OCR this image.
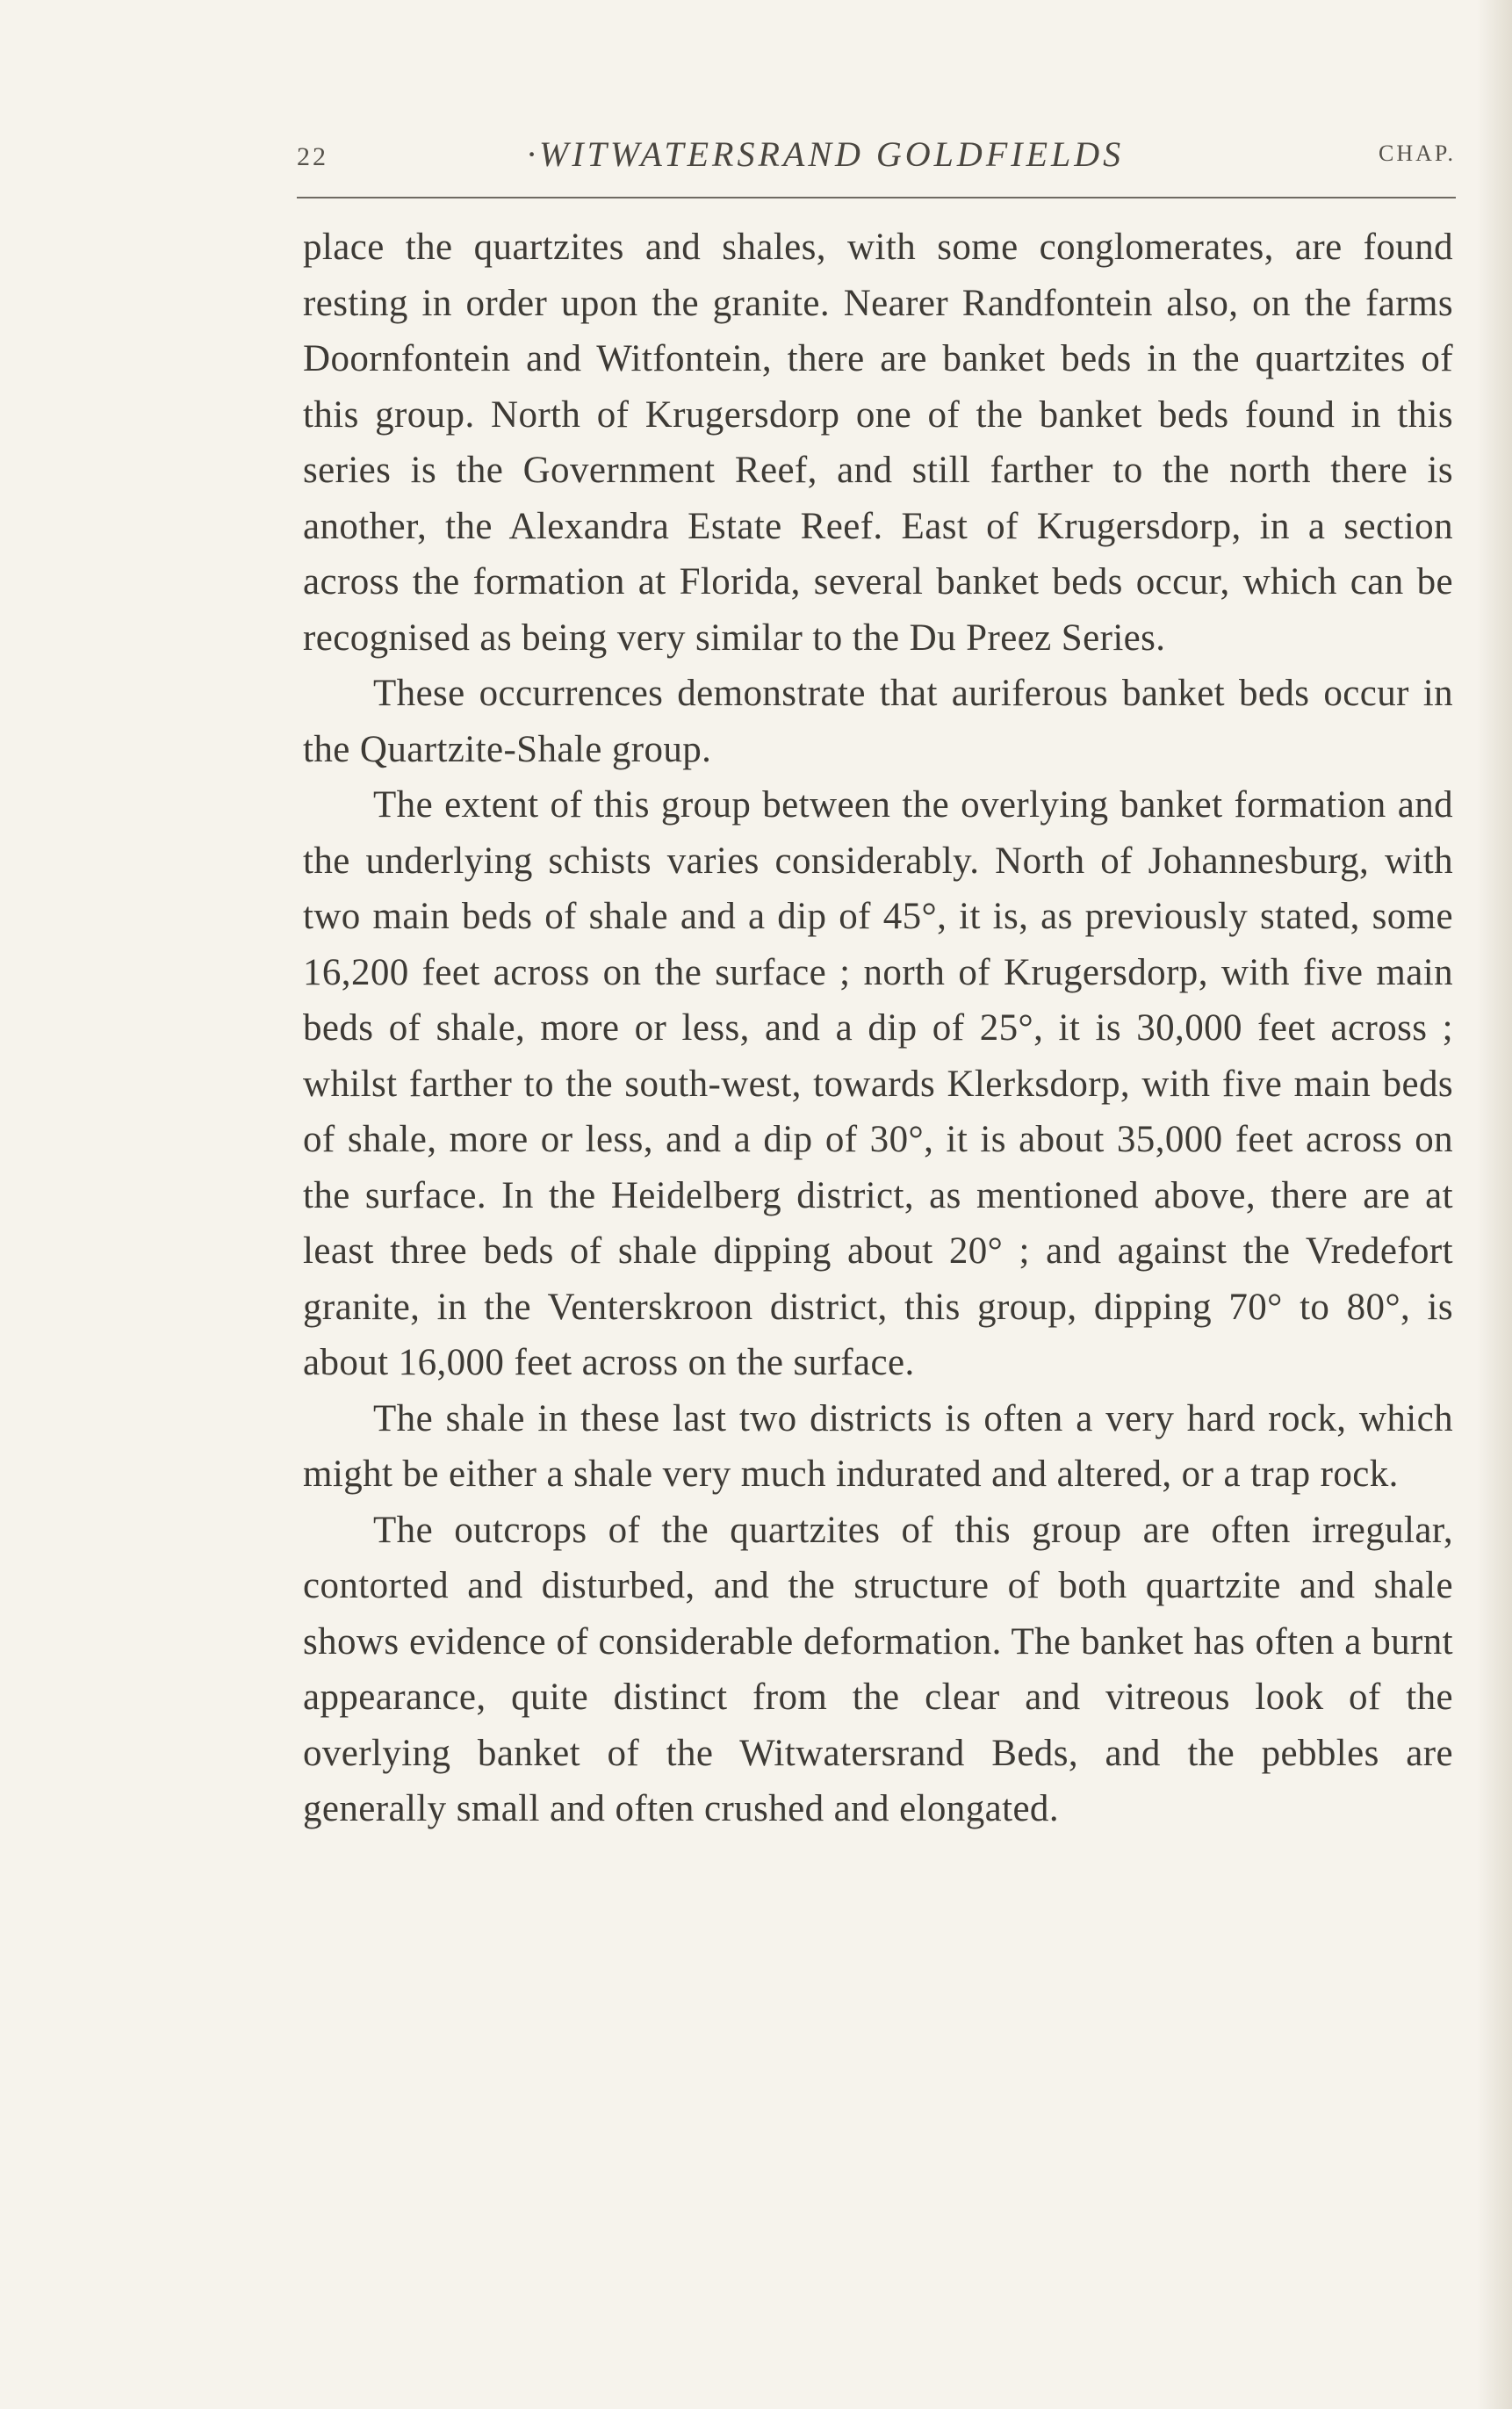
22	·WITWATERSRAND GOLDFIELDS	CHAP.

place the quartzites and shales, with some conglomerates, are found resting in order upon the granite. Nearer Randfontein also, on the farms Doornfontein and Witfontein, there are banket beds in the quartzites of this group. North of Krugersdorp one of the banket beds found in this series is the Government Reef, and still farther to the north there is another, the Alexandra Estate Reef. East of Krugersdorp, in a section across the formation at Florida, several banket beds occur, which can be recognised as being very similar to the Du Preez Series.

These occurrences demonstrate that auriferous banket beds occur in the Quartzite-Shale group.

The extent of this group between the overlying banket formation and the underlying schists varies considerably. North of Johannesburg, with two main beds of shale and a dip of 45°, it is, as previously stated, some 16,200 feet across on the surface ; north of Krugersdorp, with five main beds of shale, more or less, and a dip of 25°, it is 30,000 feet across ; whilst farther to the south-west, towards Klerksdorp, with five main beds of shale, more or less, and a dip of 30°, it is about 35,000 feet across on the surface. In the Heidelberg district, as mentioned above, there are at least three beds of shale dipping about 20° ; and against the Vredefort granite, in the Venterskroon district, this group, dipping 70° to 80°, is about 16,000 feet across on the surface.

The shale in these last two districts is often a very hard rock, which might be either a shale very much indurated and altered, or a trap rock.

The outcrops of the quartzites of this group are often irregular, contorted and disturbed, and the structure of both quartzite and shale shows evidence of considerable deformation. The banket has often a burnt appearance, quite distinct from the clear and vitreous look of the overlying banket of the Witwatersrand Beds, and the pebbles are generally small and often crushed and elongated.
